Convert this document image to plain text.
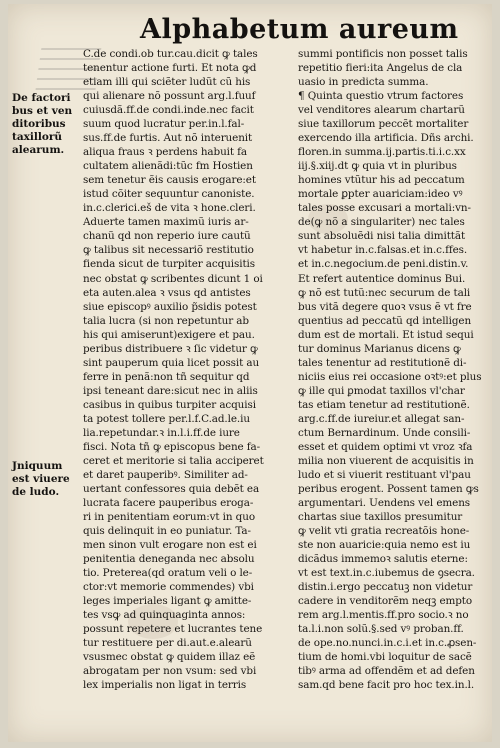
Alphabetum aureum
De factori
bus et ven
ditoribus
taxillorũ
alearum.
Jniquum
est viuere
de ludo.
C.de condi.ob tur.cau.dicit ꝙ tales
tenentur actione furti. Et nota ꝙd
etiam illi qui sciẽter ludũt cũ his
qui alienare nõ possunt arg.l.fuuf
cuiusdã.ff.de condi.inde.nec facit
suum quod lucratur per.in.l.fal-
sus.ff.de furtis. Aut nõ interuenit
aliqua fraus ꝛ perdens habuit fa
cultatem alienãdi:tũc fm Hostien
sem tenetur ẽis causis erogare:et
istud cõiter sequuntur canoniste.
in.c.clerici.eš de vita ꝛ hone.cleri.
Aduerte tamen maximũ iuris ar-
chanũ qd non reperio iure cautũ
ꝙ talibus sit necessariõ restitutio
fienda sicut de turpiter acquisitis
nec obstat ꝙ scribentes dicunt 1 oi
eta auten.alea ꝛ vsus qd antistes
siue episcopꝰ auxilio p̃sidis potest
talia lucra (si non repetuntur ab
his qui amiserunt)exigere et pau.
peribus distribuere ꝛ ſic videtur ꝙ
sint pauperum quia licet possit au
ferre in penã:non tñ sequitur qd
ipsi teneant dare:sicut nec in aliis
casibus in quibus turpiter acquisi
ta potest tollere per.l.f.C.ad.le.iu
lia.repetundar.ꝛ in.l.i.ff.de iure
fisci. Nota tñ ꝙ episcopus bene fa-
ceret et meritorie si talia acciperet
et daret pauperibꝰ. Similiter ad-
uertant confessores quia debẽt ea
lucrata facere pauperibus eroga-
ri in penitentiam eorum:vt in quo
quis delinquit in eo puniatur. Ta-
men sinon vult erogare non est ei
penitentia deneganda nec absolu
tio. Preterea(qd oratum veli o le-
ctor:vt memorie commendes) vbi
leges imperiales ligant ꝙ amitte-
tes vsꝙ ad quinquaginta annos:
possunt repetere et lucrantes tene
tur restituere per di.aut.e.alearũ
vsusmec obstat ꝙ quidem illaz eẽ
abrogatam per non vsum: sed vbi
lex imperialis non ligat in terris
summi pontificis non posset talis
repetitio fieri:ita Angelus de cla
uasio in predicta summa.
¶ Quinta questio vtrum factores
vel venditores alearum chartarũ
siue taxillorum peccẽt mortaliter
exercendo illa artificia. Dñs archi.
floren.in summa.ij.partis.ti.i.c.xx
iij.§.xiij.dt ꝙ quia vt in pluribus
homines vtũtur his ad peccatum
mortale ꝑpter auariciam:ideo vꝰ
tales posse excusari a mortali:vn-
de(ꝙ nõ a singulariter) nec tales
sunt absoluẽdi nisi talia dimittãt
vt habetur in.c.falsas.et in.c.ffes.
et in.c.negocium.de peni.distin.v.
Et refert autentice dominus Bui.
ꝙ nõ est tutũ:nec securum de tali
bus vitã degere quoꝛ vsus ẽ vt fre
quentius ad peccatũ qd intelligen
dum est de mortali. Et istud sequi
tur dominus Marianus dicens ꝙ
tales tenentur ad restitutionẽ di-
niciis eius rei occasione oꝛtꝰ:et plus
ꝙ ille qui ꝑmodat taxillos vl'char
tas etiam tenetur ad restitutionẽ.
arg.c.ff.de iureiur.et allegat san-
ctum Bernardinum. Unde consili-
esset et quidem optimi vt vroz ꝛfa
milia non viuerent de acquisitis in
ludo et si viuerit restituant vl'pau
peribus erogent. Possent tamen ꝙs
argumentari. Uendens vel emens
chartas siue taxillos presumitur
ꝙ velit vti gratia recreatõis hone-
ste non auaricie:quia nemo est iu
dicãdus immemoꝛ salutis eterne:
vt est text.in.c.iubemus de ꝯsecra.
distin.i.ergo peccatuꝫ non videtur
cadere in venditorẽm neqꝫ empto
rem arg.l.mentis.ff.pro socio.ꝛ no
ta.l.i.non solũ.§.sed vꝰ proban.ff.
de ope.no.nunci.in.c.i.et in.c.ꝓsen-
tium de homi.vbi loquitur de sacẽ
tibꝰ arma ad offendẽm et ad defen
sam.qd bene facit pro hoc tex.in.l.
